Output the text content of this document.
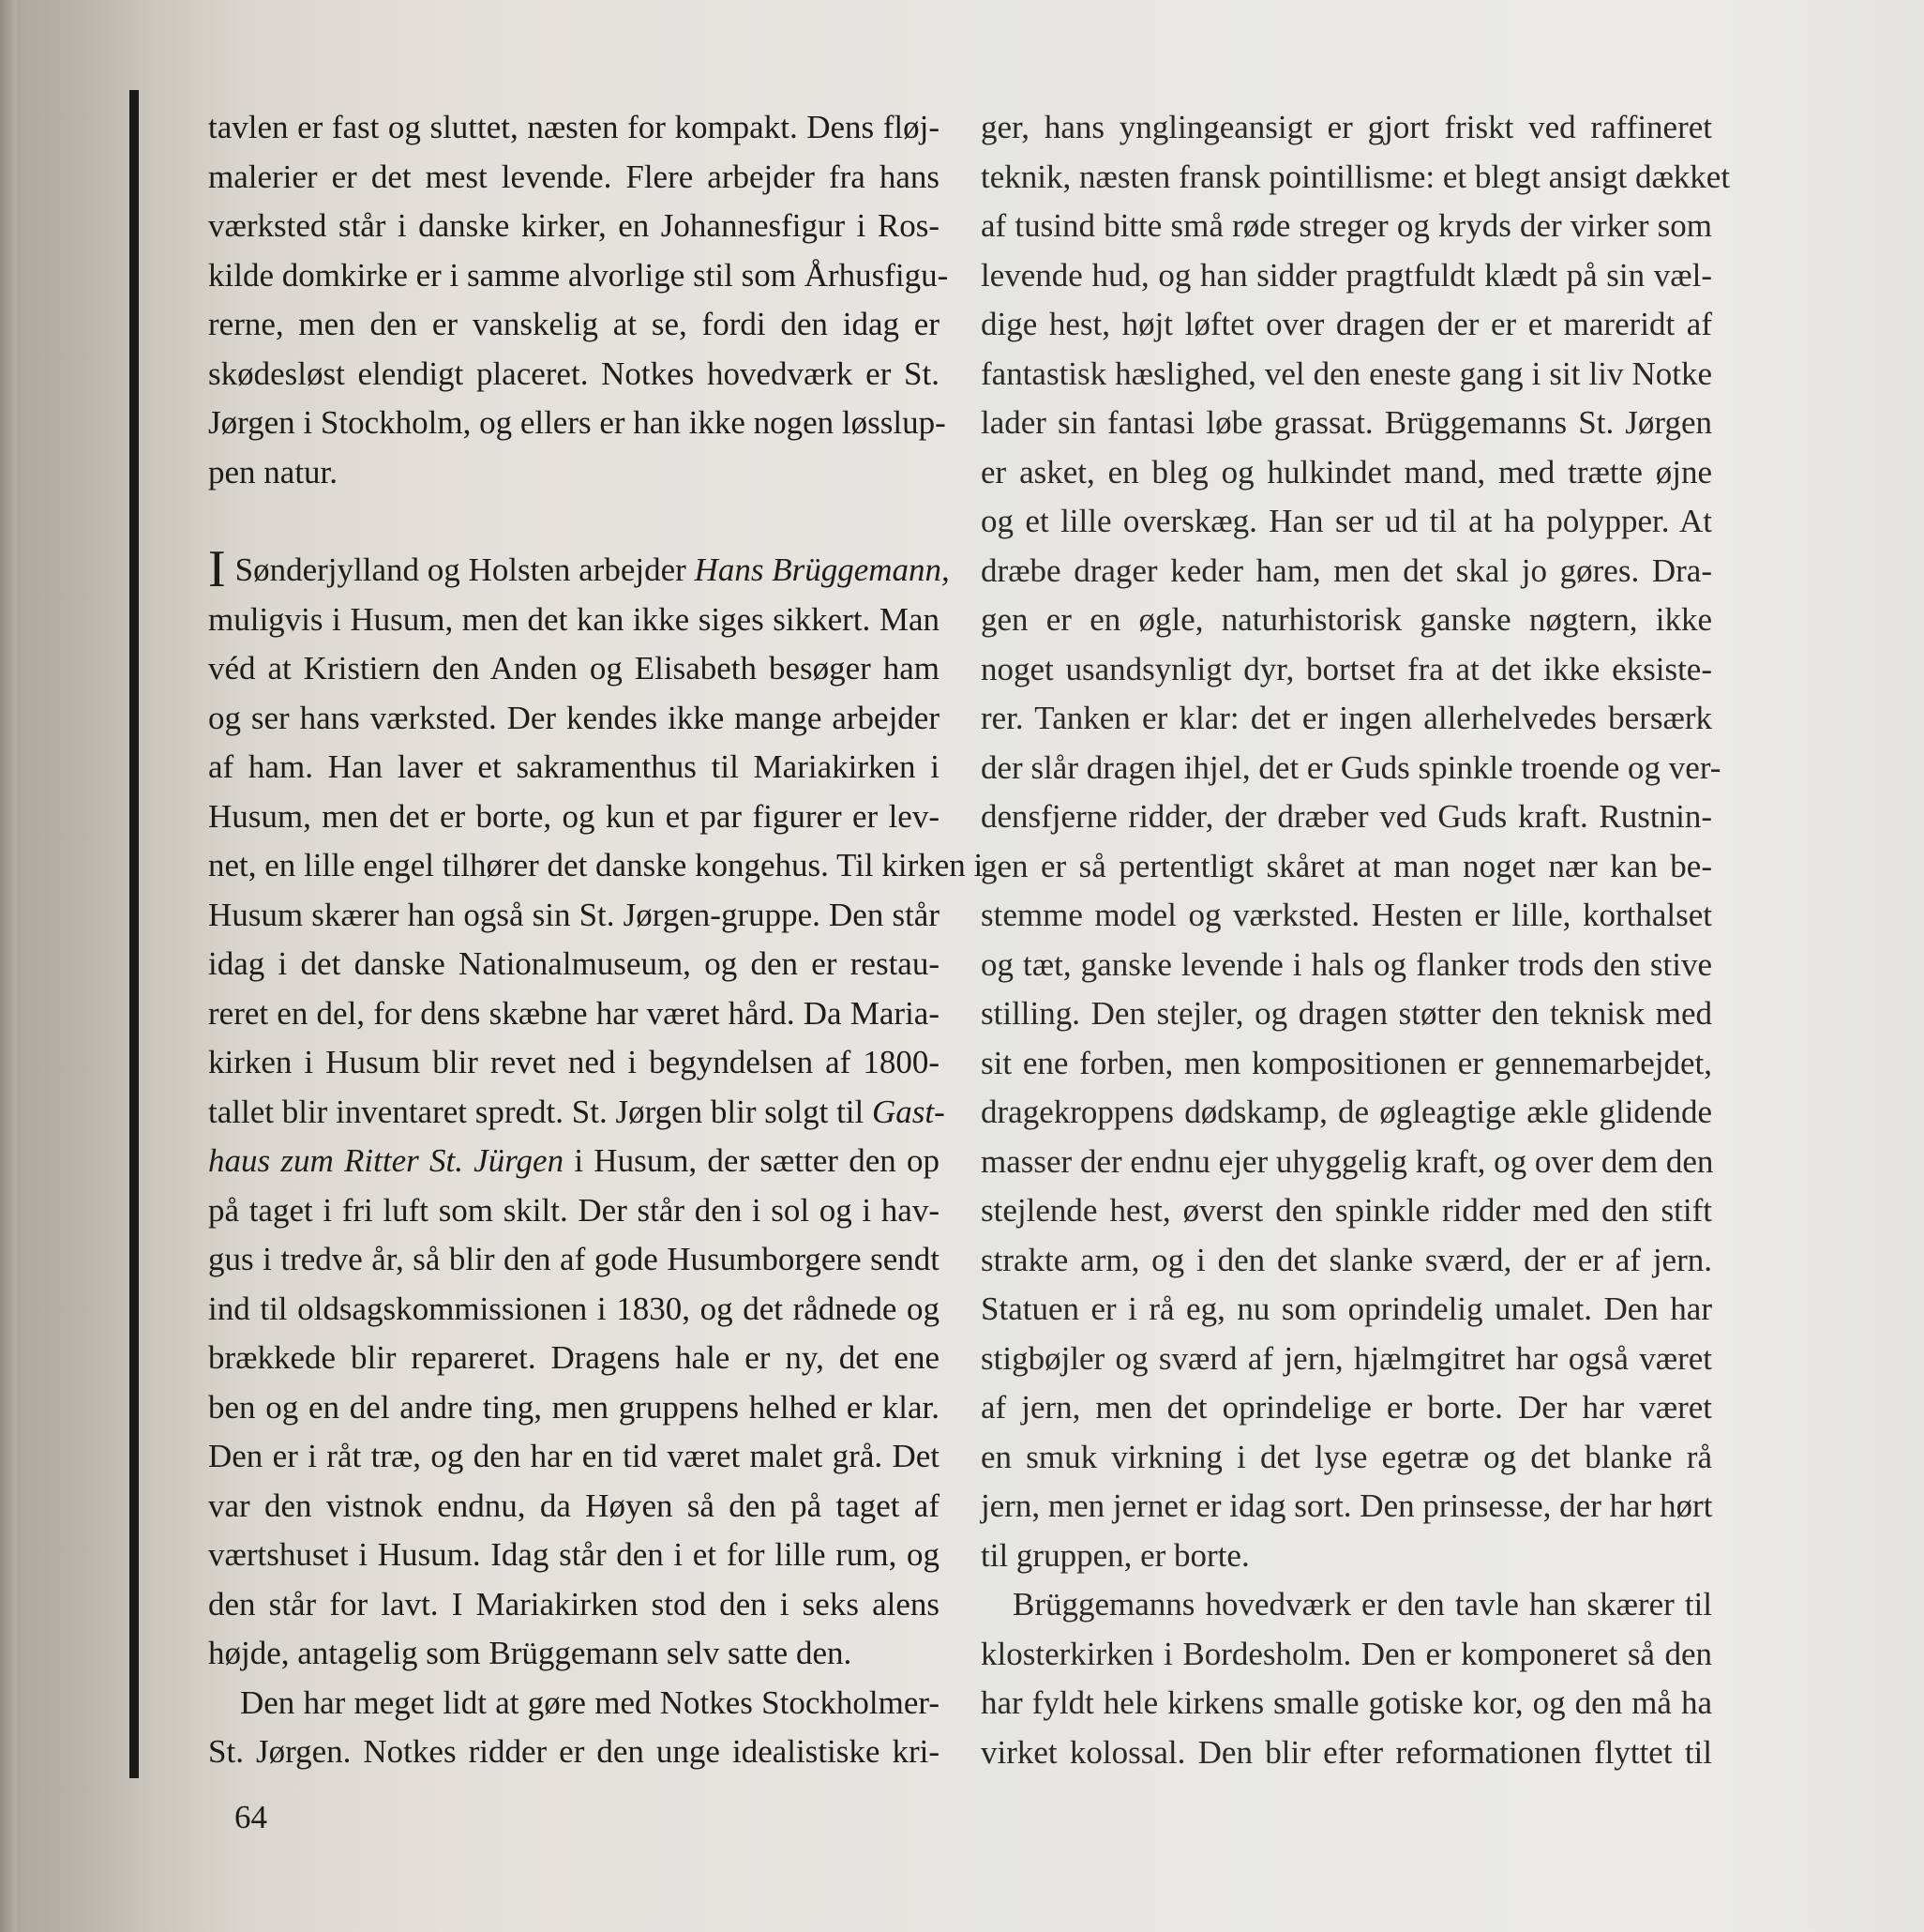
tavlen er fast og sluttet, næsten for kompakt. Dens fløj-
malerier er det mest levende. Flere arbejder fra hans
værksted står i danske kirker, en Johannesfigur i Ros-
kilde domkirke er i samme alvorlige stil som Århusfigu-
rerne, men den er vanskelig at se, fordi den idag er
skødesløst elendigt placeret. Notkes hovedværk er St.
Jørgen i Stockholm, og ellers er han ikke nogen løsslup-
pen natur.
I Sønderjylland og Holsten arbejder Hans Brüggemann,
muligvis i Husum, men det kan ikke siges sikkert. Man
véd at Kristiern den Anden og Elisabeth besøger ham
og ser hans værksted. Der kendes ikke mange arbejder
af ham. Han laver et sakramenthus til Mariakirken i
Husum, men det er borte, og kun et par figurer er lev-
net, en lille engel tilhører det danske kongehus. Til kirken i
Husum skærer han også sin St. Jørgen-gruppe. Den står
idag i det danske Nationalmuseum, og den er restau-
reret en del, for dens skæbne har været hård. Da Maria-
kirken i Husum blir revet ned i begyndelsen af 1800-
tallet blir inventaret spredt. St. Jørgen blir solgt til Gast-
haus zum Ritter St. Jürgen i Husum, der sætter den op
på taget i fri luft som skilt. Der står den i sol og i hav-
gus i tredve år, så blir den af gode Husumborgere sendt
ind til oldsagskommissionen i 1830, og det rådnede og
brækkede blir repareret. Dragens hale er ny, det ene
ben og en del andre ting, men gruppens helhed er klar.
Den er i råt træ, og den har en tid været malet grå. Det
var den vistnok endnu, da Høyen så den på taget af
værtshuset i Husum. Idag står den i et for lille rum, og
den står for lavt. I Mariakirken stod den i seks alens
højde, antagelig som Brüggemann selv satte den.
Den har meget lidt at gøre med Notkes Stockholmer-
St. Jørgen. Notkes ridder er den unge idealistiske kri-
ger, hans ynglingeansigt er gjort friskt ved raffineret
teknik, næsten fransk pointillisme: et blegt ansigt dækket
af tusind bitte små røde streger og kryds der virker som
levende hud, og han sidder pragtfuldt klædt på sin væl-
dige hest, højt løftet over dragen der er et mareridt af
fantastisk hæslighed, vel den eneste gang i sit liv Notke
lader sin fantasi løbe grassat. Brüggemanns St. Jørgen
er asket, en bleg og hulkindet mand, med trætte øjne
og et lille overskæg. Han ser ud til at ha polypper. At
dræbe drager keder ham, men det skal jo gøres. Dra-
gen er en øgle, naturhistorisk ganske nøgtern, ikke
noget usandsynligt dyr, bortset fra at det ikke eksiste-
rer. Tanken er klar: det er ingen allerhelvedes bersærk
der slår dragen ihjel, det er Guds spinkle troende og ver-
densfjerne ridder, der dræber ved Guds kraft. Rustnin-
gen er så pertentligt skåret at man noget nær kan be-
stemme model og værksted. Hesten er lille, korthalset
og tæt, ganske levende i hals og flanker trods den stive
stilling. Den stejler, og dragen støtter den teknisk med
sit ene forben, men kompositionen er gennemarbejdet,
dragekroppens dødskamp, de øgleagtige ækle glidende
masser der endnu ejer uhyggelig kraft, og over dem den
stejlende hest, øverst den spinkle ridder med den stift
strakte arm, og i den det slanke sværd, der er af jern.
Statuen er i rå eg, nu som oprindelig umalet. Den har
stigbøjler og sværd af jern, hjælmgitret har også været
af jern, men det oprindelige er borte. Der har været
en smuk virkning i det lyse egetræ og det blanke rå
jern, men jernet er idag sort. Den prinsesse, der har hørt
til gruppen, er borte.
Brüggemanns hovedværk er den tavle han skærer til
klosterkirken i Bordesholm. Den er komponeret så den
har fyldt hele kirkens smalle gotiske kor, og den må ha
virket kolossal. Den blir efter reformationen flyttet til
64
